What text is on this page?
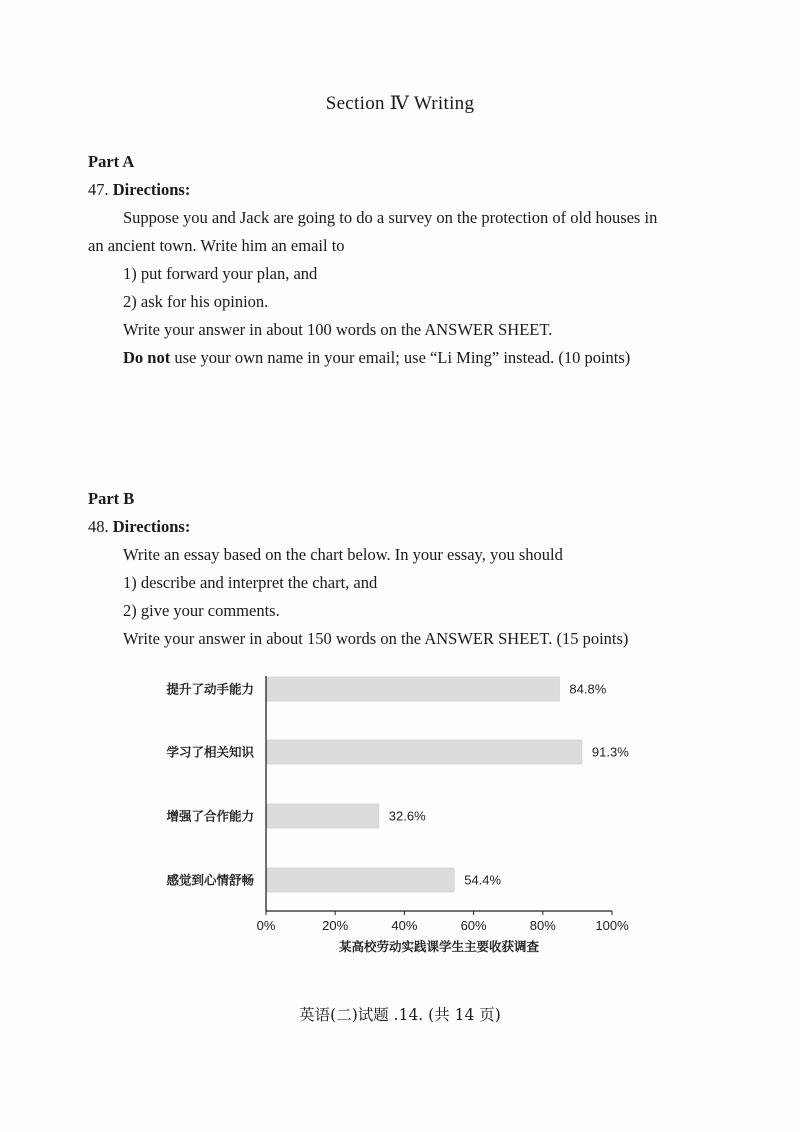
Section Ⅳ Writing
Part A
47. Directions:
Suppose you and Jack are going to do a survey on the protection of old houses in
an ancient town. Write him an email to
1) put forward your plan, and
2) ask for his opinion.
Write your answer in about 100 words on the ANSWER SHEET.
Do not use your own name in your email; use “Li Ming” instead. (10 points)
Part B
48. Directions:
Write an essay based on the chart below. In your essay, you should
1) describe and interpret the chart, and
2) give your comments.
Write your answer in about 150 words on the ANSWER SHEET. (15 points)
提升了动手能力	84.8%
学习了相关知识	91.3%
增强了合作能力	32.6%
感觉到心情舒畅	54.4%
0%	20%	40%	60%	80%	100%
某高校劳动实践课学生主要收获调查
英语(二)试题 .14. (共 14 页)
